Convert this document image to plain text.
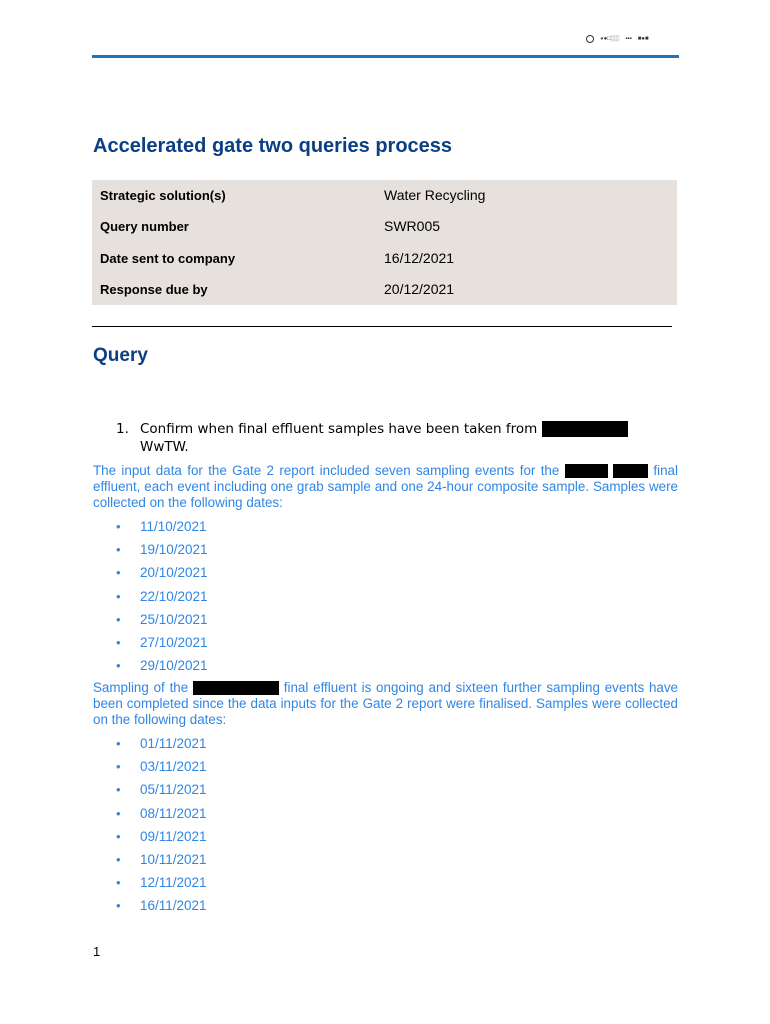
◕●□░░ ▪▪▪ ■●■
Accelerated gate two queries process
Strategic solution(s)	Water Recycling
Query number	SWR005
Date sent to company	16/12/2021
Response due by	20/12/2021
Query
1. Confirm when final effluent samples have been taken from
WwTW.
The input data for the Gate 2 report included seven sampling events for the	final effluent, each event including one grab sample and one 24-hour composite sample. Samples were collected on the following dates:
• 11/10/2021
• 19/10/2021
• 20/10/2021
• 22/10/2021
• 25/10/2021
• 27/10/2021
• 29/10/2021
Sampling of the	final effluent is ongoing and sixteen further sampling events have been completed since the data inputs for the Gate 2 report were finalised. Samples were collected on the following dates:
• 01/11/2021
• 03/11/2021
• 05/11/2021
• 08/11/2021
• 09/11/2021
• 10/11/2021
• 12/11/2021
• 16/11/2021
1
